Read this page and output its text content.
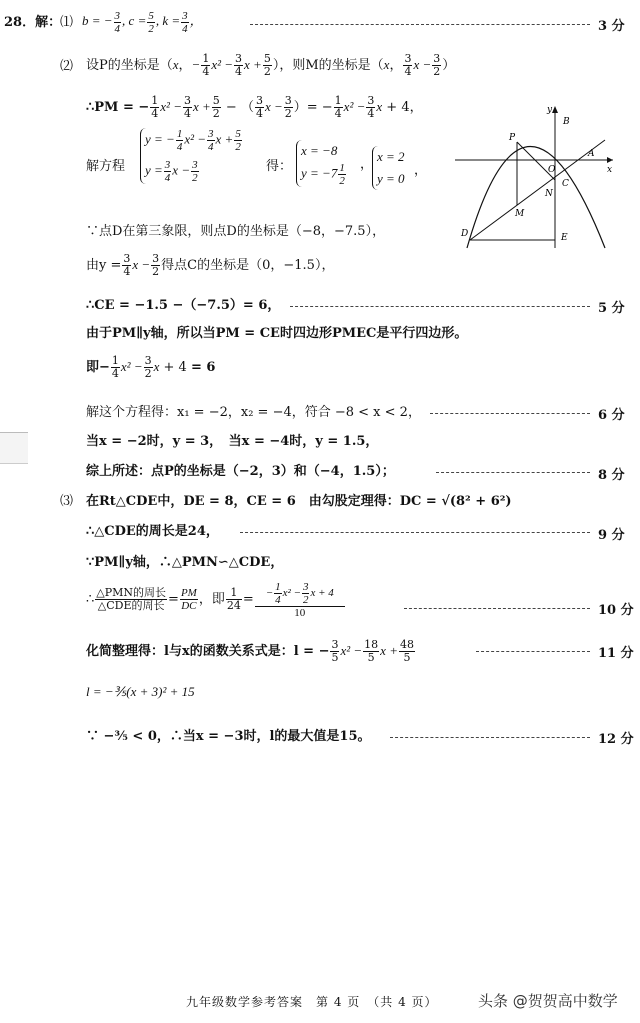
28．解：
⑴ b = − $\frac{3}{4}$ , $c = \frac{5}{2}$ , $k = \frac{3}{4}$ ，	3 分
⑵ 设P的坐标是（x，− $\frac{1}{4} x^2 - \frac{3}{4}$ $x + \frac{5}{2}$ ），则M的坐标是（x， $\frac{3}{4}$ $x - \frac{3}{2}$ ）
∴PM = − $\frac{1}{4} x^2 - \frac{3}{4}$ $x + \frac{5}{2}$ − （ $\frac{3}{4}$ $x - \frac{3}{2}$ ）= − $\frac{1}{4} x^2 - \frac{3}{4}$ x + 4，
解方程
y = − $\frac{1}{4} x^2 - \frac{3}{4}$ $x + \frac{5}{2}$
$y = \frac{3}{4}$ $x - \frac{3}{2}$	得：
x = −8
$y = -7 \frac{1}{2}$ ，
x = 2
y = 0
，
P
B
y
O
A
x
N
C
M
D	E
∵点D在第三象限，则点D的坐标是（−8，−7.5），
由$y = \frac{3}{4}$ $x - \frac{3}{2}$ 得点C的坐标是（0，−1.5），
∴CE = −1.5 −（−7.5）= 6，	5 分
由于PM∥y轴，所以当PM = CE时四边形PMEC是平行四边形。
即− $\frac{1}{4} x^2 - \frac{3}{2}$ x + 4 = 6
解这个方程得：x₁ = −2，x₂ = −4，符合 −8 < x < 2，	6 分
当x = −2时，y = 3，　当x = −4时，y = 1.5，
综上所述：点P的坐标是（−2，3）和（−4，1.5）；	8 分
⑶ 在Rt△CDE中，DE = 8，CE = 6　由勾股定理得：DC = √(8² + 6²)
∴△CDE的周长是24，	9 分
∵PM∥y轴，∴△PMN∽△CDE，
∴ $\frac{\text{△PMN的周长}}{\text{△CDE的周长}} = \frac{PM}{DC}$ ，即 $\frac{1}{24} = \frac{- \frac{1}{4} x^2 - \frac{3}{2} x + 4}{10}$	10 分
化简整理得：l与x的函数关系式是：l = − $\frac{3}{5} x^2 - \frac{18}{5}$ $x + \frac{48}{5}$	11 分
l = −⅗(x + 3)² + 15
∵ −⅗ < 0，∴当x = −3时，l的最大值是15。	12 分
九年级数学参考答案　第 4 页　（共 4 页）	头条 @贺贺高中数学
